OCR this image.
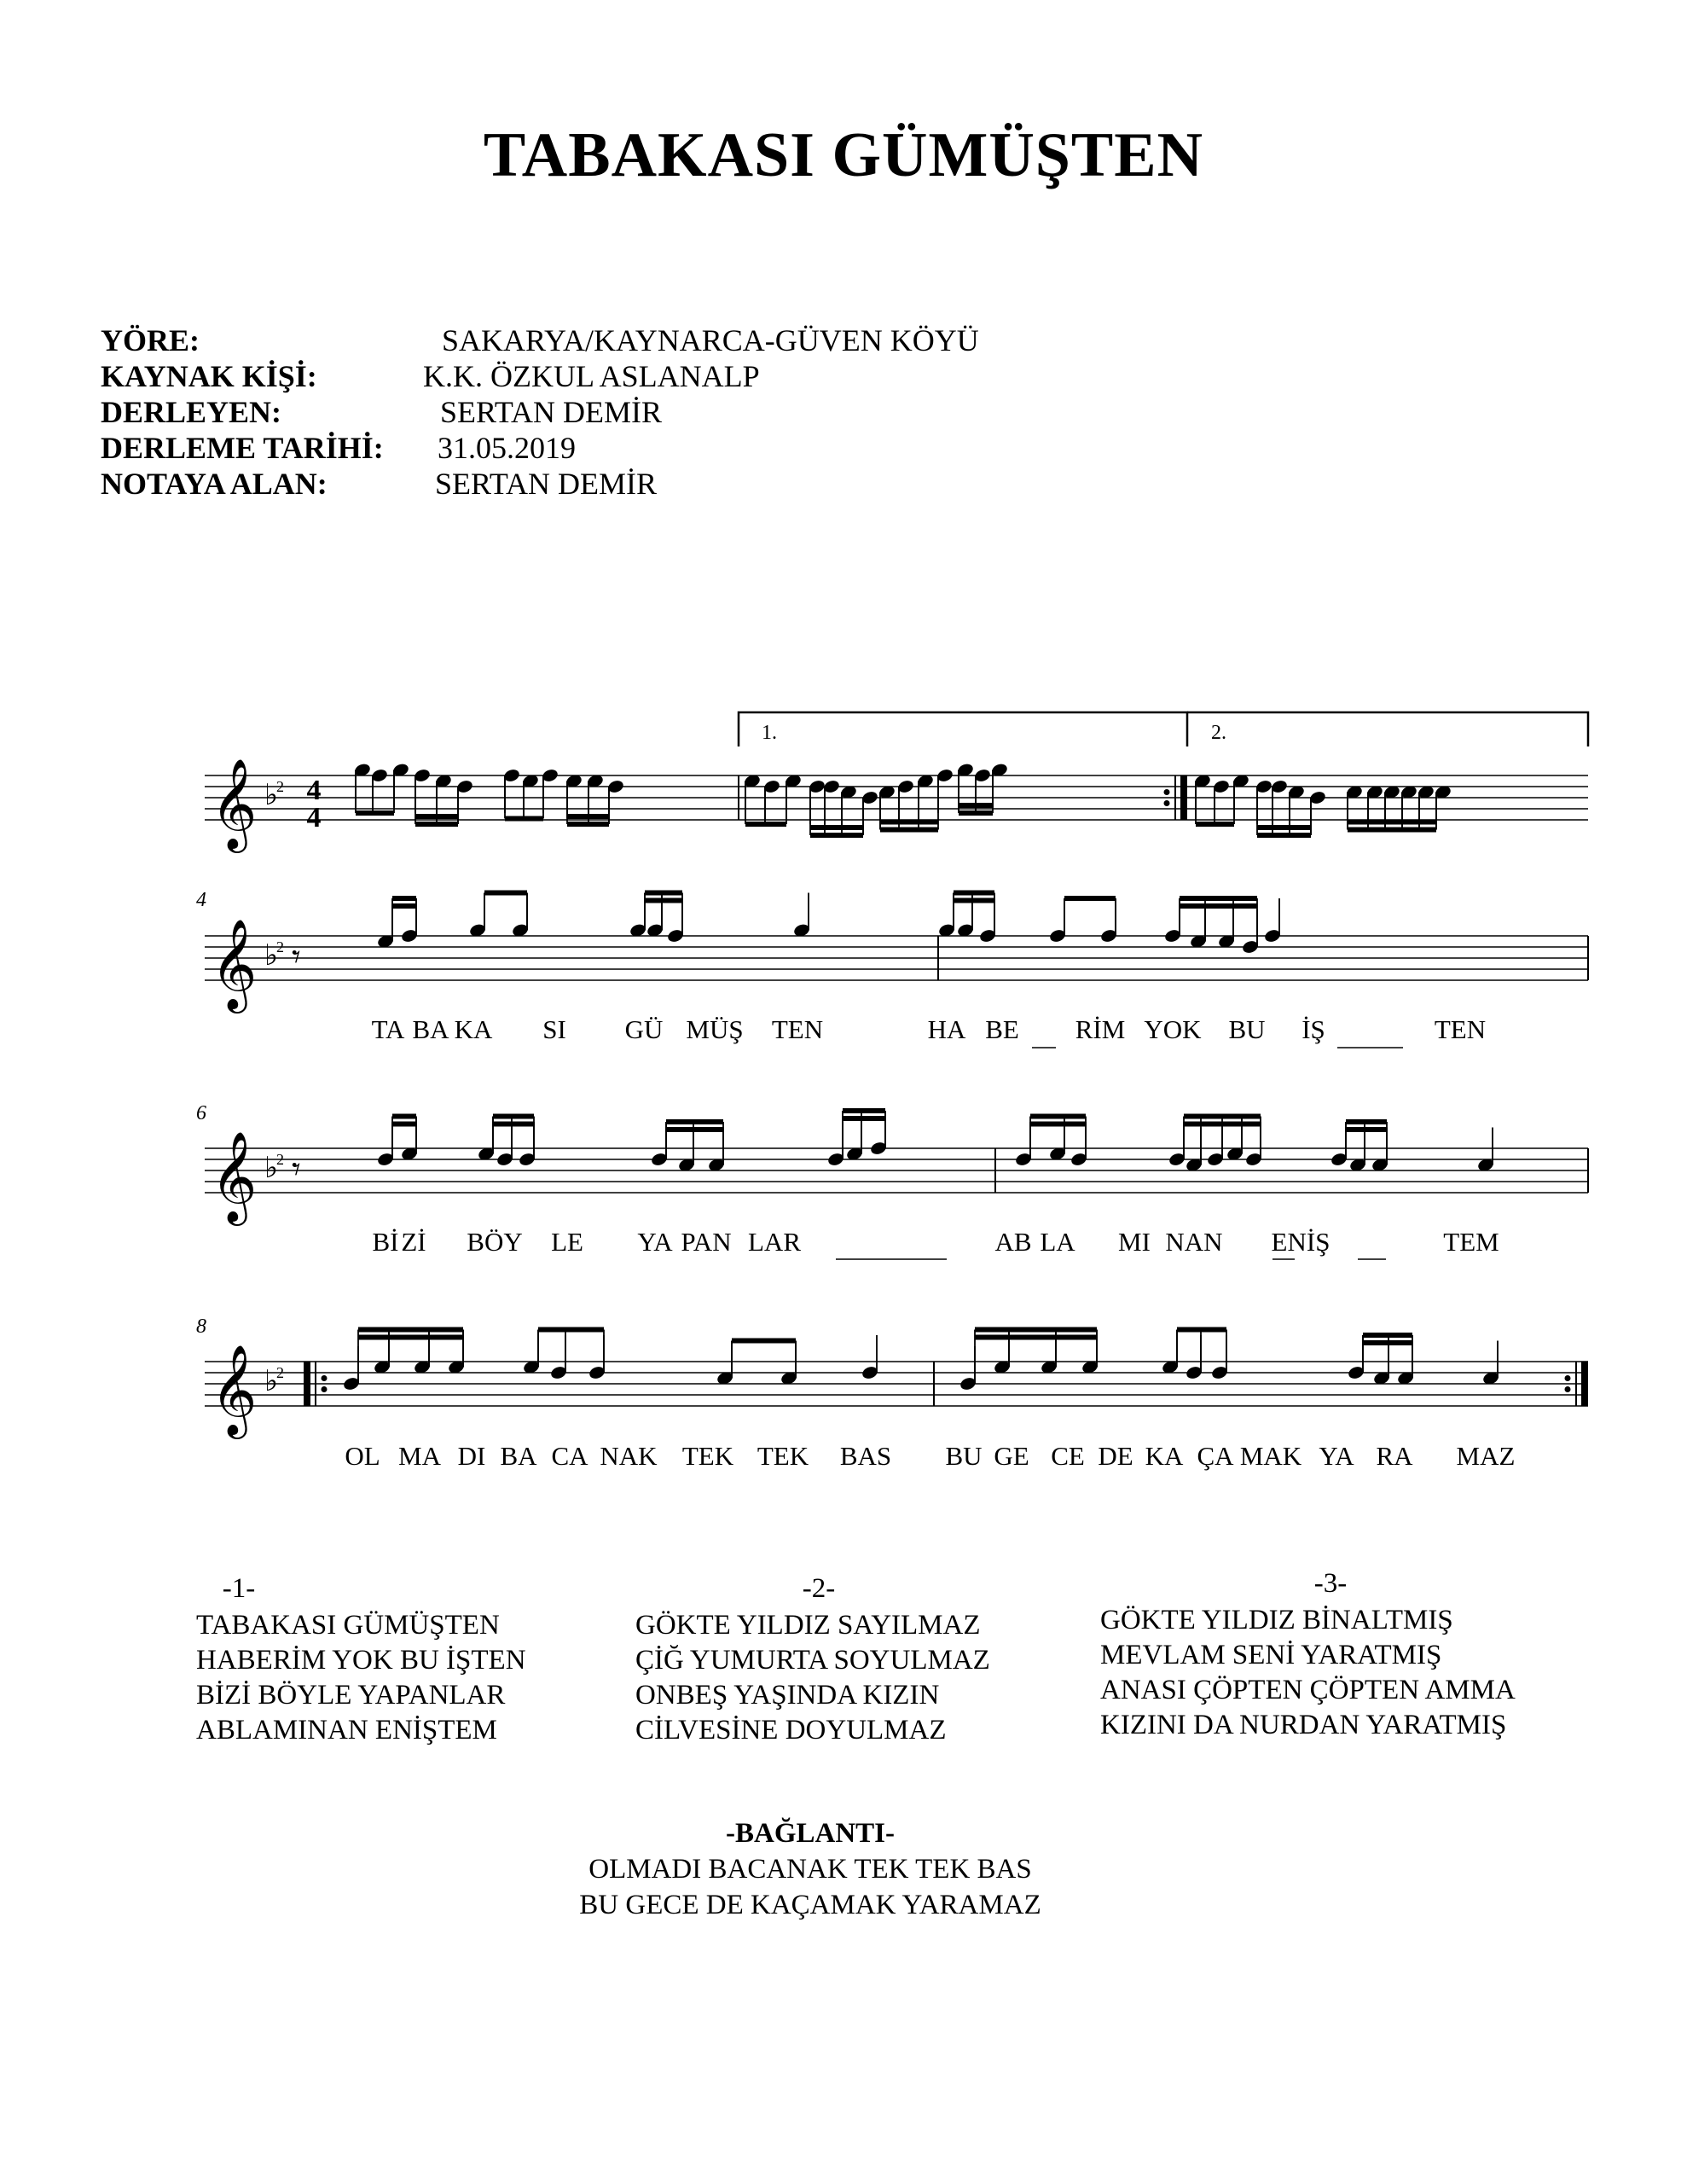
TABAKASI GÜMÜŞTEN
YÖRE:	SAKARYA/KAYNARCA-GÜVEN KÖYÜ
KAYNAK KİŞİ:	K.K. ÖZKUL ASLANALP
DERLEYEN:	SERTAN DEMİR
DERLEME TARİHİ: 31.05.2019
NOTAYA ALAN:	SERTAN DEMİR
1.	2.
𝄞 ♭
2 4
4
𝄞 ♭
2
𝄞 ♭
2
𝄞 ♭
2
4
6
8
𝄾
𝄾
TA BA KA SI GÜ MÜŞ TEN	HA BE RİM YOK BU İŞ	TEN
Bİ Zİ BÖY LE YA PAN LAR	AB LA MI NAN ENİŞ	TEM
OL MA DI BA CA NAK TEK TEK BAS BU GE CE DE KA ÇA MAK YA RA MAZ
-1-
TABAKASI GÜMÜŞTEN
HABERİM YOK BU İŞTEN
BİZİ BÖYLE YAPANLAR
ABLAMINAN ENİŞTEM
-2-
GÖKTE YILDIZ SAYILMAZ
ÇİĞ YUMURTA SOYULMAZ
ONBEŞ YAŞINDA KIZIN
CİLVESİNE DOYULMAZ
-3-
GÖKTE YILDIZ BİNALTMIŞ
MEVLAM SENİ YARATMIŞ
ANASI ÇÖPTEN ÇÖPTEN AMMA
KIZINI DA NURDAN YARATMIŞ
-BAĞLANTI-
OLMADI BACANAK TEK TEK BAS
BU GECE DE KAÇAMAK YARAMAZ
